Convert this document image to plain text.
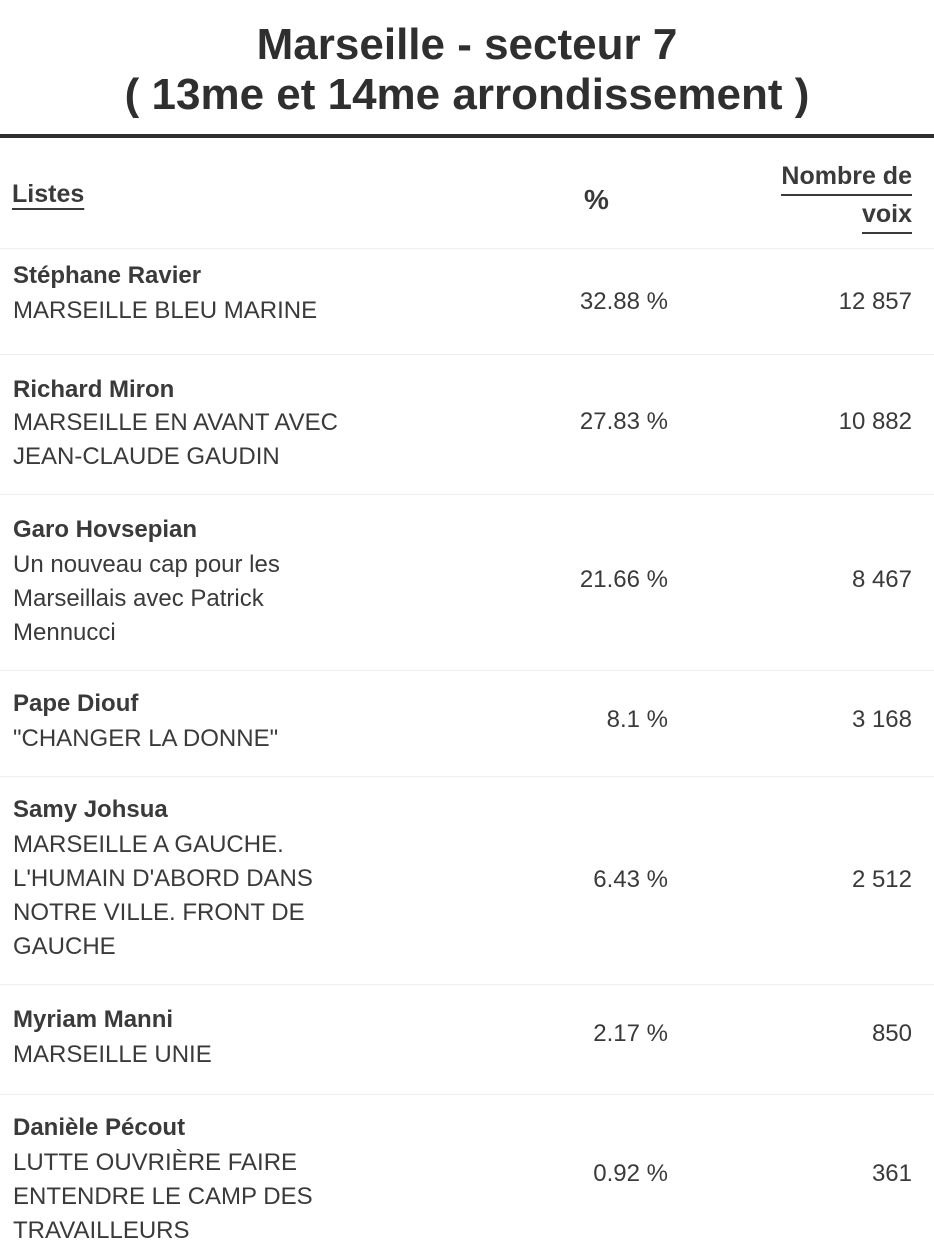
Marseille - secteur 7
( 13me et 14me arrondissement )
Listes	%
Nombre de
voix
Stéphane Ravier
MARSEILLE BLEU MARINE	32.88 %	12 857
Richard Miron
MARSEILLE EN AVANT AVEC
JEAN-CLAUDE GAUDIN
27.83 %	10 882
Garo Hovsepian
Un nouveau cap pour les
Marseillais avec Patrick
Mennucci
21.66 %	8 467
Pape Diouf
"CHANGER LA DONNE"
8.1 %	3 168
Samy Johsua
MARSEILLE A GAUCHE.
L'HUMAIN D'ABORD DANS
NOTRE VILLE. FRONT DE
GAUCHE
6.43 %	2 512
Myriam Manni
MARSEILLE UNIE
2.17 %	850
Danièle Pécout
LUTTE OUVRIÈRE FAIRE
ENTENDRE LE CAMP DES
TRAVAILLEURS
0.92 %	361
